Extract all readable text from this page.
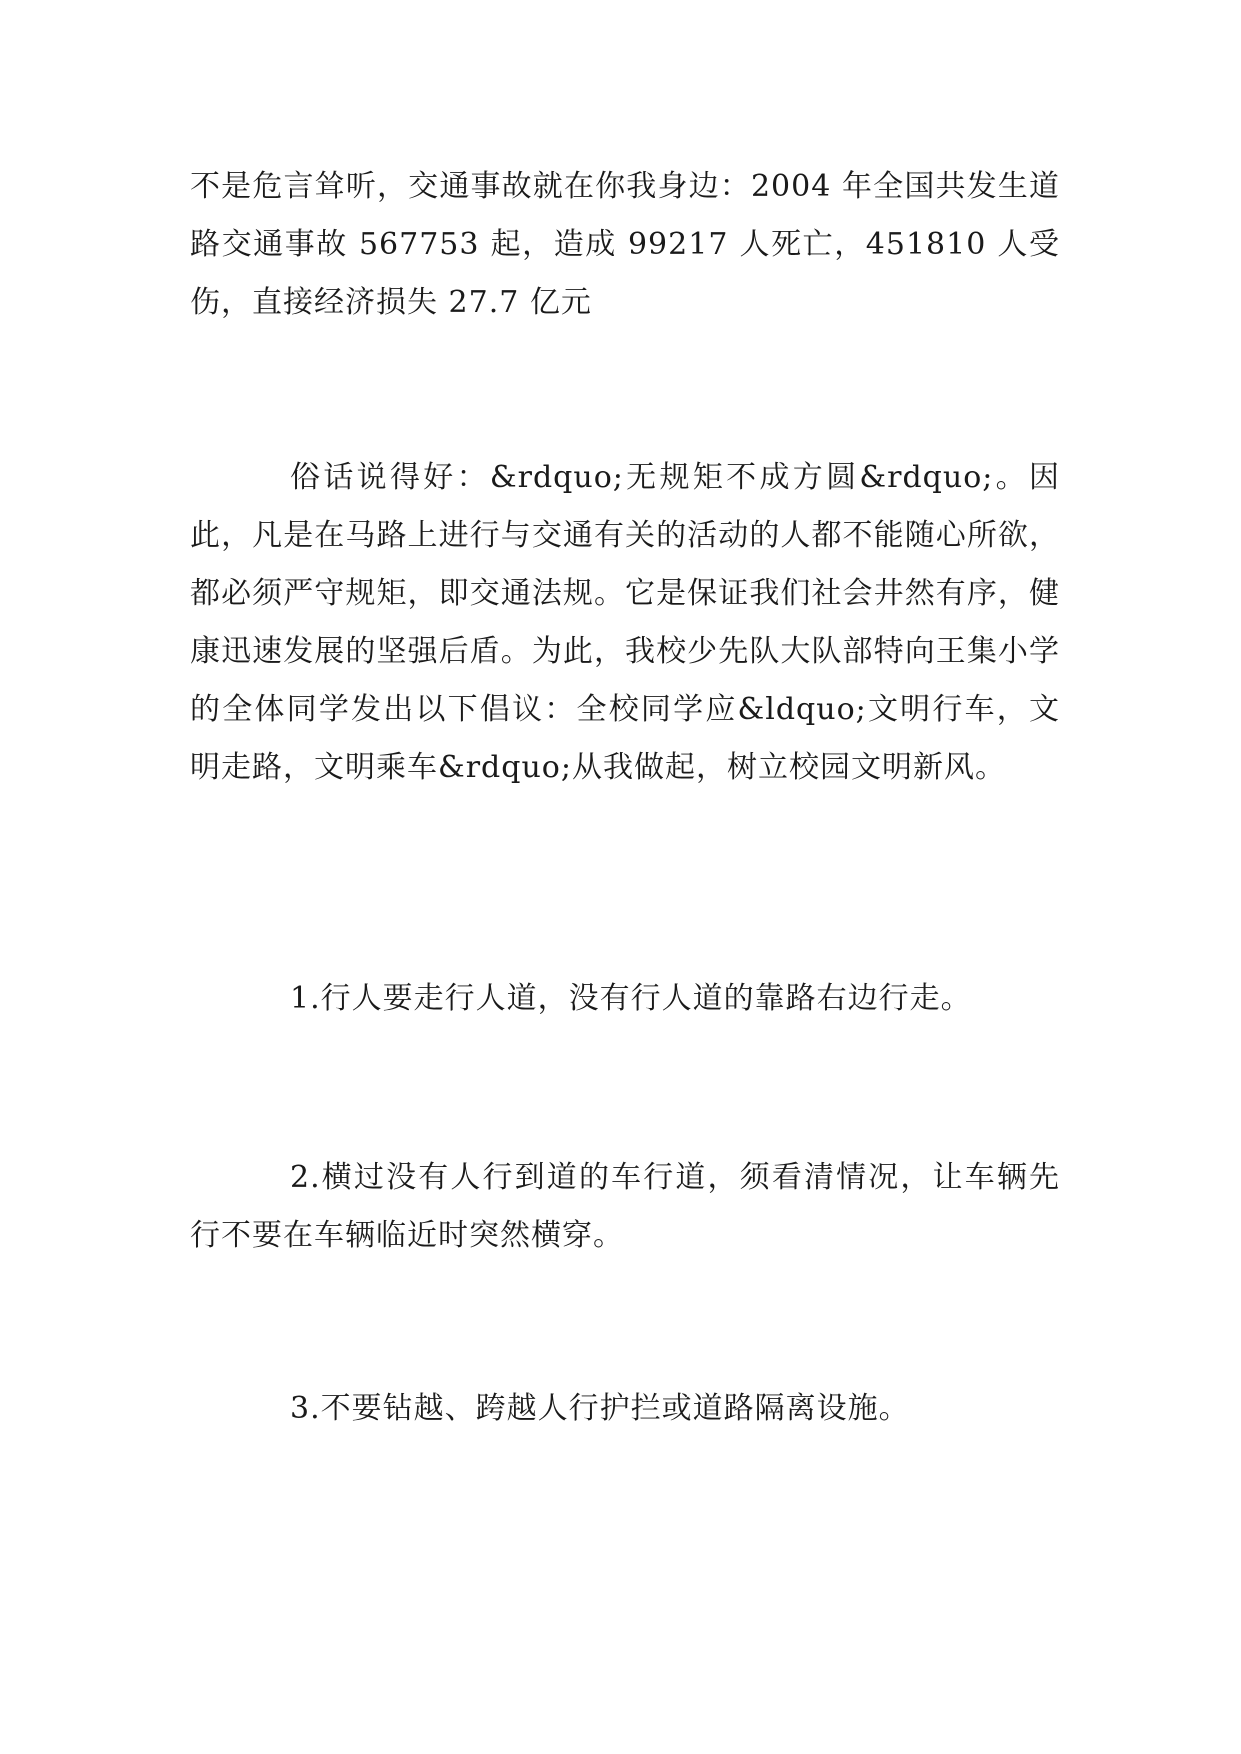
不是危言耸听，交通事故就在你我身边：2004 年全国共发生道路交通事故 567753 起，造成 99217 人死亡，451810 人受伤，直接经济损失 27.7 亿元

俗话说得好：&rdquo;无规矩不成方圆&rdquo;。因此，凡是在马路上进行与交通有关的活动的人都不能随心所欲，都必须严守规矩，即交通法规。它是保证我们社会井然有序，健康迅速发展的坚强后盾。为此，我校少先队大队部特向王集小学的全体同学发出以下倡议：全校同学应&ldquo;文明行车，文明走路，文明乘车&rdquo;从我做起，树立校园文明新风。

1.行人要走行人道，没有行人道的靠路右边行走。

2.横过没有人行到道的车行道，须看清情况，让车辆先行不要在车辆临近时突然横穿。

3.不要钻越、跨越人行护拦或道路隔离设施。
